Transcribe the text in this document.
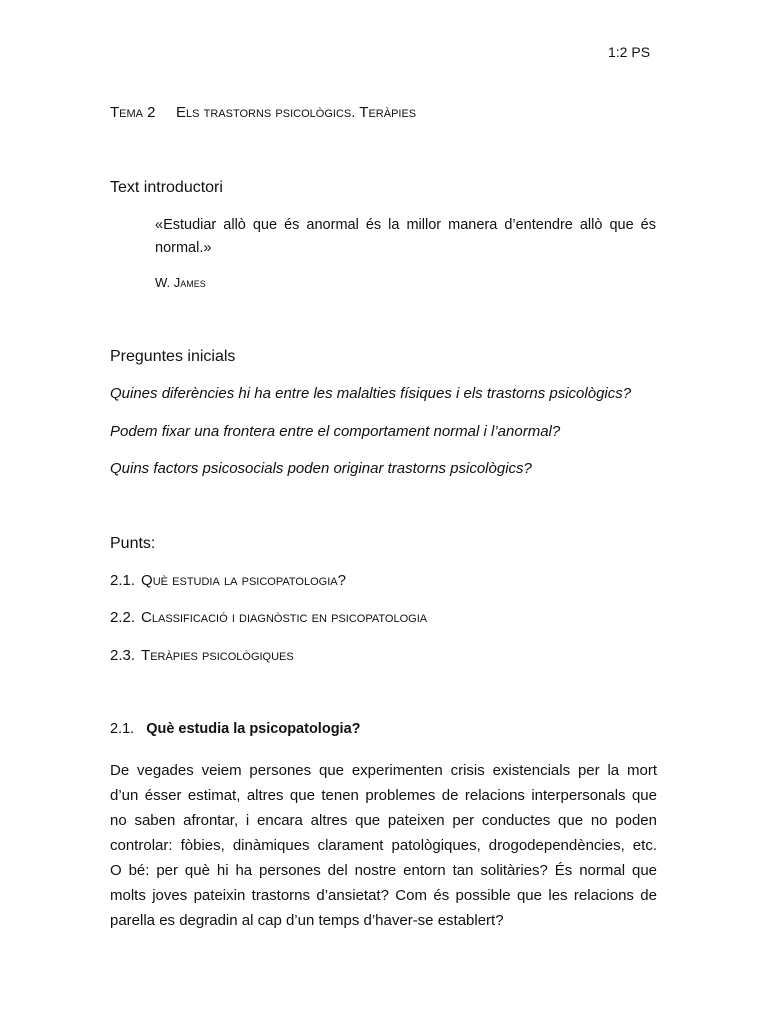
1:2 PS
Tema 2 Els trastorns psicològics. Teràpies
Text introductori
«Estudiar allò que és anormal és la millor manera d’entendre allò que és normal.»
W. James
Preguntes inicials
Quines diferències hi ha entre les malalties físiques i els trastorns psicològics?
Podem fixar una frontera entre el comportament normal i l’anormal?
Quins factors psicosocials poden originar trastorns psicològics?
Punts:
2.1. Què estudia la psicopatologia?
2.2. Classificació i diagnòstic en psicopatologia
2.3. Teràpies psicològiques
2.1. Què estudia la psicopatologia?
De vegades veiem persones que experimenten crisis existencials per la mort
d’un ésser estimat, altres que tenen problemes de relacions interpersonals que
no saben afrontar, i encara altres que pateixen per conductes que no poden
controlar: fòbies, dinàmiques clarament patològiques, drogodependències, etc.
O bé: per què hi ha persones del nostre entorn tan solitàries? És normal que
molts joves pateixin trastorns d’ansietat? Com és possible que les relacions de
parella es degradin al cap d’un temps d’haver-se establert?
